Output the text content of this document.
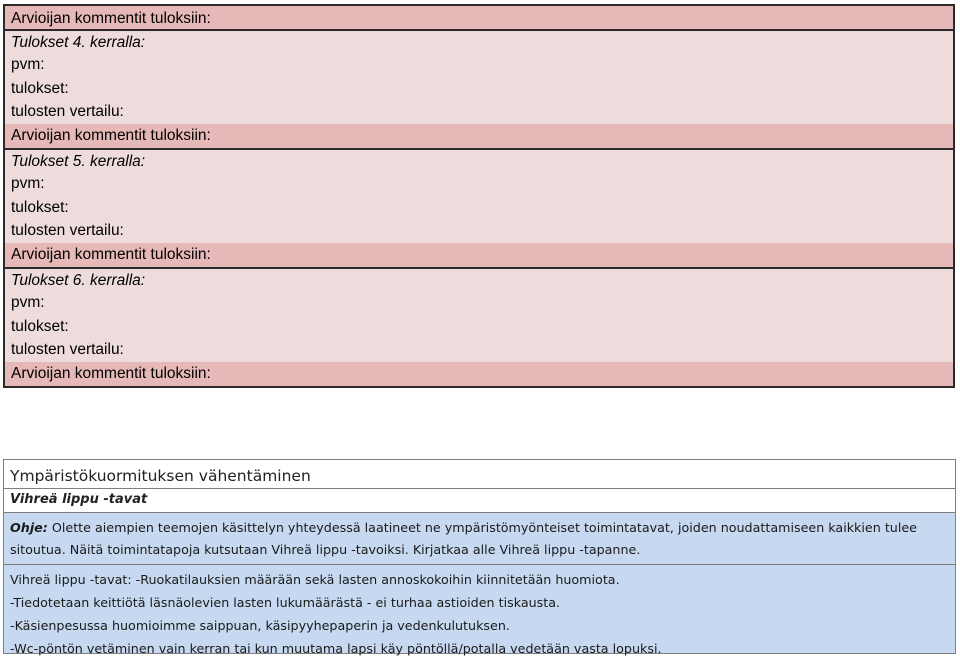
Arvioijan kommentit tuloksiin:
Tulokset 4. kerralla:
pvm:
tulokset:
tulosten vertailu:
Arvioijan kommentit tuloksiin:
Tulokset 5. kerralla:
pvm:
tulokset:
tulosten vertailu:
Arvioijan kommentit tuloksiin:
Tulokset 6. kerralla:
pvm:
tulokset:
tulosten vertailu:
Arvioijan kommentit tuloksiin:
Ympäristökuormituksen vähentäminen
Vihreä lippu -tavat

Ohje: Olette aiempien teemojen käsittelyn yhteydessä laatineet ne ympäristömyönteiset toimintatavat, joiden noudattamiseen kaikkien tulee sitoutua. Näitä toimintatapoja kutsutaan Vihreä lippu -tavoiksi. Kirjatkaa alle Vihreä lippu -tapanne.

Vihreä lippu -tavat: -Ruokatilauksien määrään sekä lasten annoskokoihin kiinnitetään huomiota.

-Tiedotetaan keittiötä läsnäolevien lasten lukumäärästä - ei turhaa astioiden tiskausta.

-Käsienpesussa huomioimme saippuan, käsipyyhepaperin ja vedenkulutuksen.

-Wc-pöntön vetäminen vain kerran tai kun muutama lapsi käy pöntöllä/potalla vedetään vasta lopuksi.
